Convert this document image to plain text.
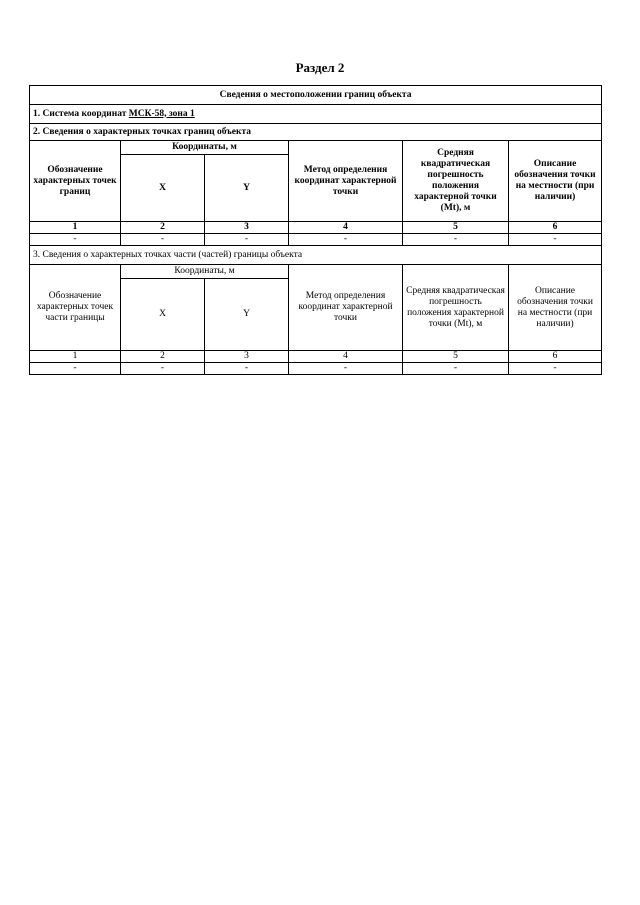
Раздел 2
Сведения о местоположении границ объекта					
1. Система координат МСК-58, зона 1					
2. Сведения о характерных точках границ объекта					
Обозначение характерных точек границ	Координаты, м		Метод определения координат характерной точки	Средняя квадратическая погрешность положения характерной точки (Mt), м	Описание обозначения точки на местности (при наличии)
	X	Y			
1	2	3	4	5	6
-	-	-	-	-	-
3. Сведения о характерных точках части (частей) границы объекта					
Обозначение характерных точек части границы	Координаты, м		Метод определения координат характерной точки	Средняя квадратическая погрешность положения характерной точки (Mt), м	Описание обозначения точки на местности (при наличии)
	X	Y			
1	2	3	4	5	6
-	-	-	-	-	-
